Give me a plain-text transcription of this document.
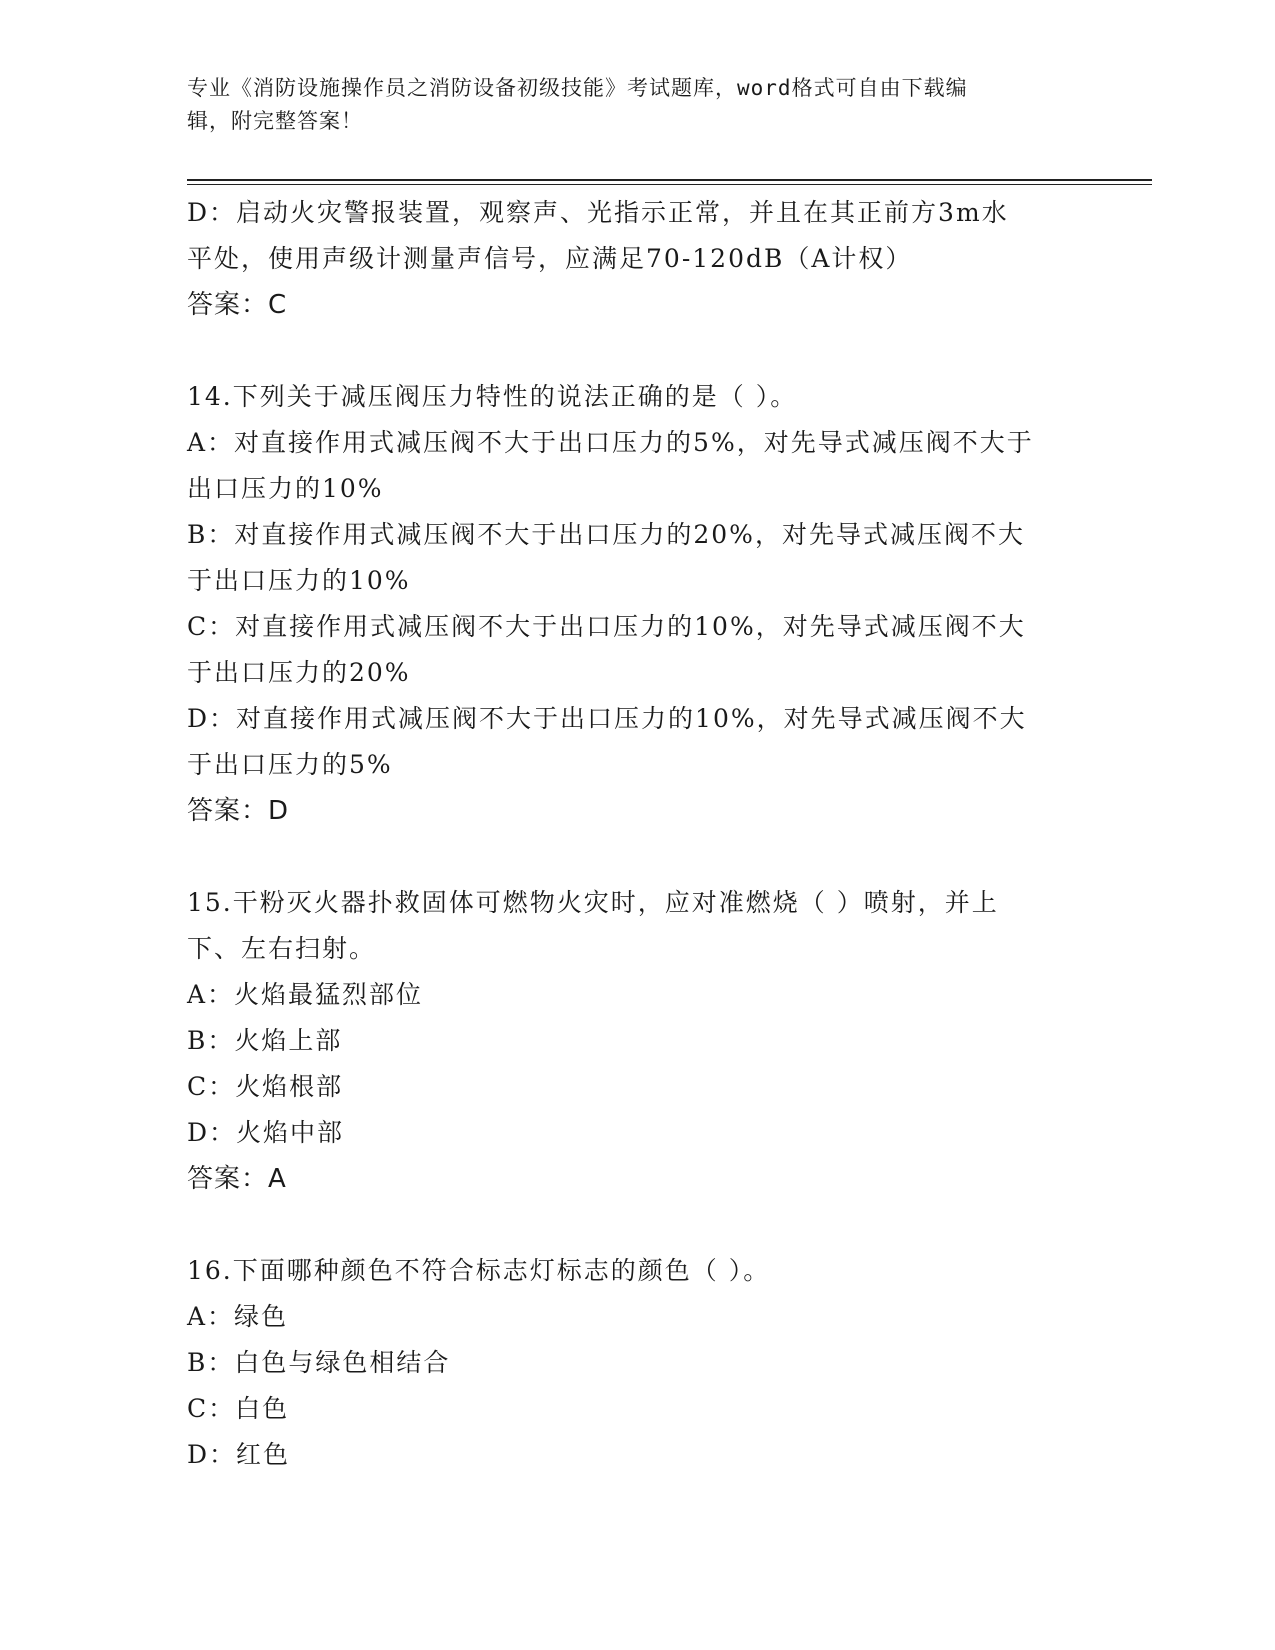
专业《消防设施操作员之消防设备初级技能》考试题库，word格式可自由下载编
辑，附完整答案！
D：启动火灾警报装置，观察声、光指示正常，并且在其正前方3m水
平处，使用声级计测量声信号，应满足70-120dB（A计权）
答案：C
14.下列关于减压阀压力特性的说法正确的是（ ）。
A：对直接作用式减压阀不大于出口压力的5%，对先导式减压阀不大于
出口压力的10%
B：对直接作用式减压阀不大于出口压力的20%，对先导式减压阀不大
于出口压力的10%
C：对直接作用式减压阀不大于出口压力的10%，对先导式减压阀不大
于出口压力的20%
D：对直接作用式减压阀不大于出口压力的10%，对先导式减压阀不大
于出口压力的5%
答案：D
15.干粉灭火器扑救固体可燃物火灾时，应对准燃烧（ ）喷射，并上
下、左右扫射。
A：火焰最猛烈部位
B：火焰上部
C：火焰根部
D：火焰中部
答案：A
16.下面哪种颜色不符合标志灯标志的颜色（ ）。
A：绿色
B：白色与绿色相结合
C：白色
D：红色
